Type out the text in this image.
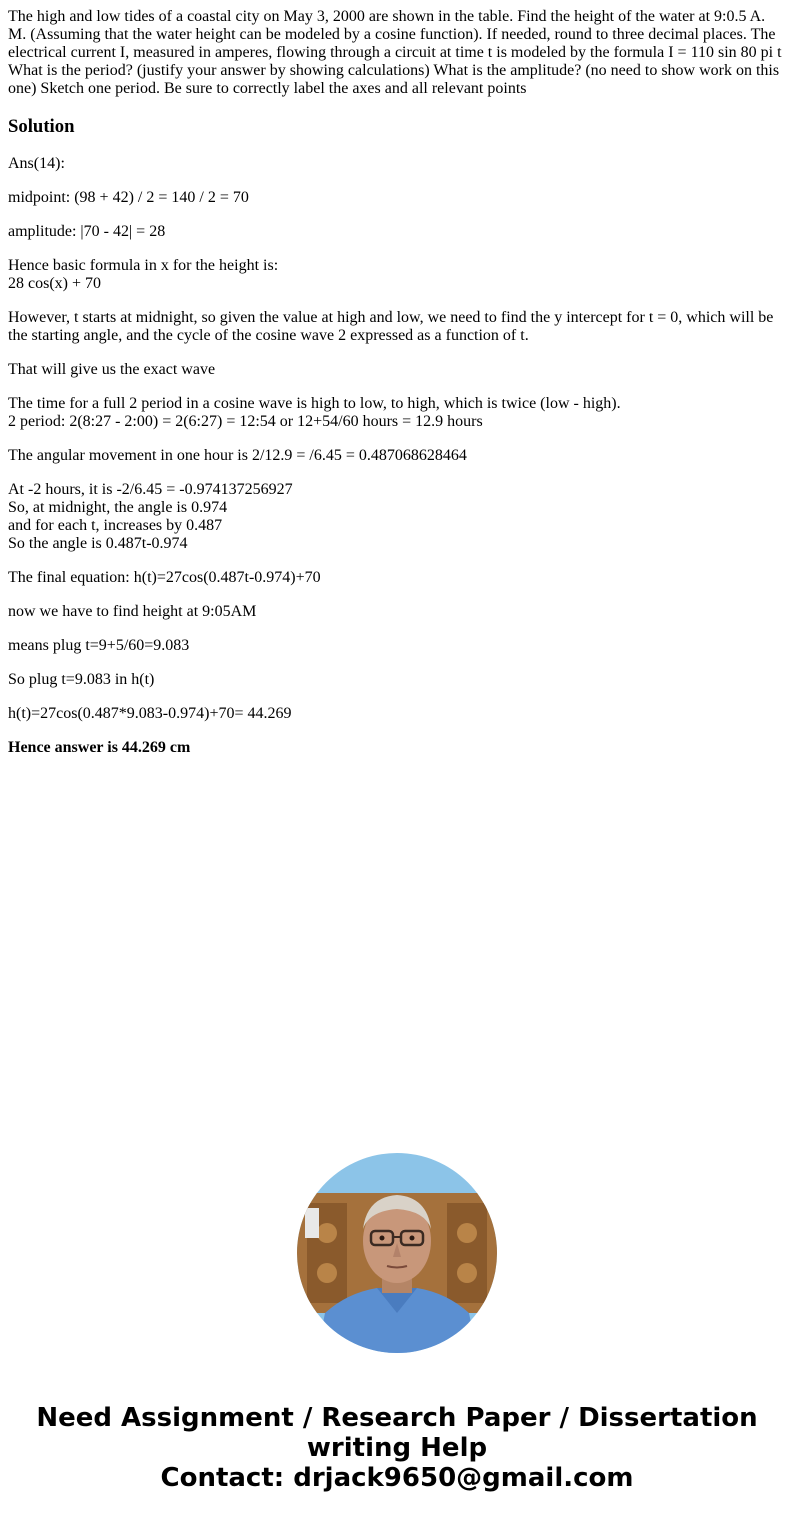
The high and low tides of a coastal city on May 3, 2000 are shown in the table. Find the height of the water at 9:0.5 A. M. (Assuming that the water height can be modeled by a cosine function). If needed, round to three decimal places. The electrical current I, measured in amperes, flowing through a circuit at time t is modeled by the formula I = 110 sin 80 pi t What is the period? (justify your answer by showing calculations) What is the amplitude? (no need to show work on this one) Sketch one period. Be sure to correctly label the axes and all relevant points
Solution
Ans(14):
midpoint: (98 + 42) / 2 = 140 / 2 = 70
amplitude: |70 - 42| = 28
Hence basic formula in x for the height is:
28 cos(x) + 70
However, t starts at midnight, so given the value at high and low, we need to find the y intercept for t = 0, which will be the starting angle, and the cycle of the cosine wave 2 expressed as a function of t.
That will give us the exact wave
The time for a full 2 period in a cosine wave is high to low, to high, which is twice (low - high).
2 period: 2(8:27 - 2:00) = 2(6:27) = 12:54 or 12+54/60 hours = 12.9 hours
The angular movement in one hour is 2/12.9 = /6.45 = 0.487068628464
At -2 hours, it is -2/6.45 = -0.974137256927
So, at midnight, the angle is 0.974
and for each t, increases by 0.487
So the angle is 0.487t-0.974
The final equation: h(t)=27cos(0.487t-0.974)+70
now we have to find height at 9:05AM
means plug t=9+5/60=9.083
So plug t=9.083 in h(t)
h(t)=27cos(0.487*9.083-0.974)+70= 44.269
Hence answer is 44.269 cm
Need Assignment / Research Paper / Dissertation
writing Help
Contact: drjack9650@gmail.com
